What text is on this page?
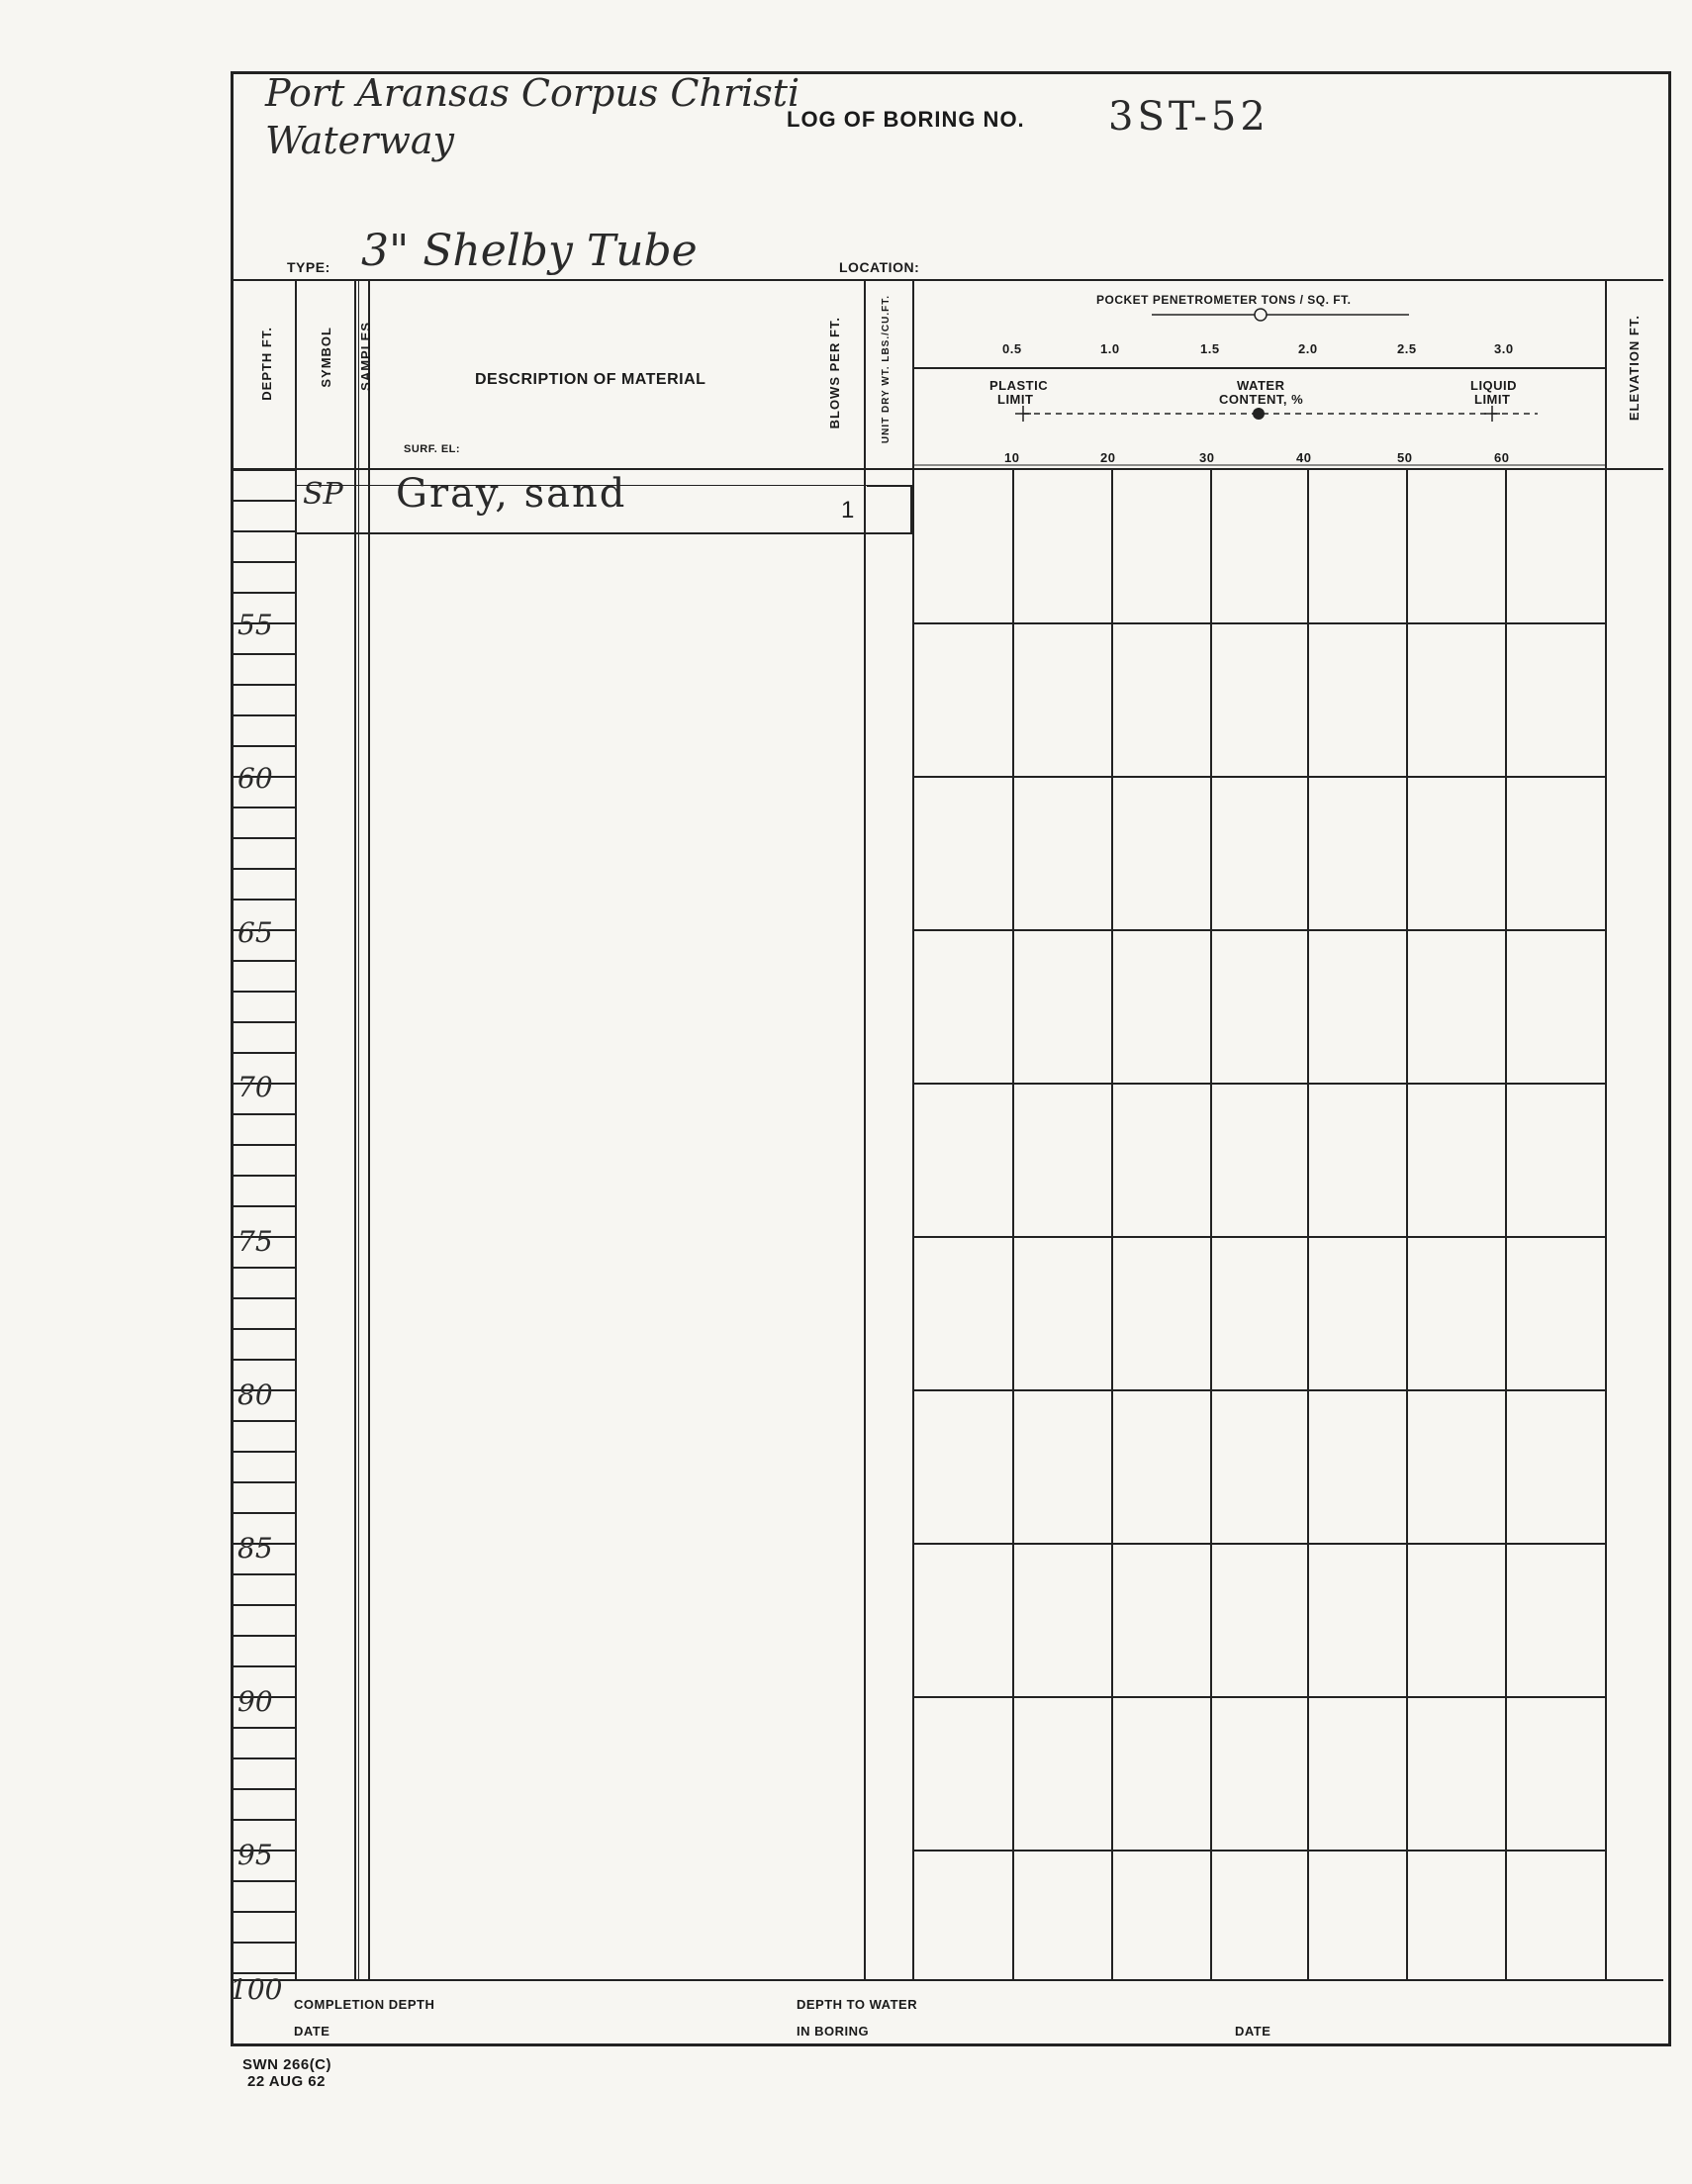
Port Aransas Corpus Christi
Waterway	LOG OF BORING NO. 3ST-52
TYPE: 3" Shelby Tube	LOCATION:
DEPTH FT.	SYMBOL SAMPLES	DESCRIPTION OF MATERIAL
SURF. EL:
BLOWS PER FT.	UNIT DRY WT. LBS./CU.FT.	ELEVATION FT.
POCKET PENETROMETER TONS / SQ. FT.
0.5	1.0	1.5	2.0	2.5	3.0
PLASTIC
LIMIT
WATER
CONTENT, %
LIQUID
LIMIT
10	20	30	40	50	60
55
60
65
70
75
80
85
90
95
100
SP Gray, sand	1
COMPLETION DEPTH
DATE
DEPTH TO WATER
IN BORING	DATE
SWN 266(C)
22 AUG 62
